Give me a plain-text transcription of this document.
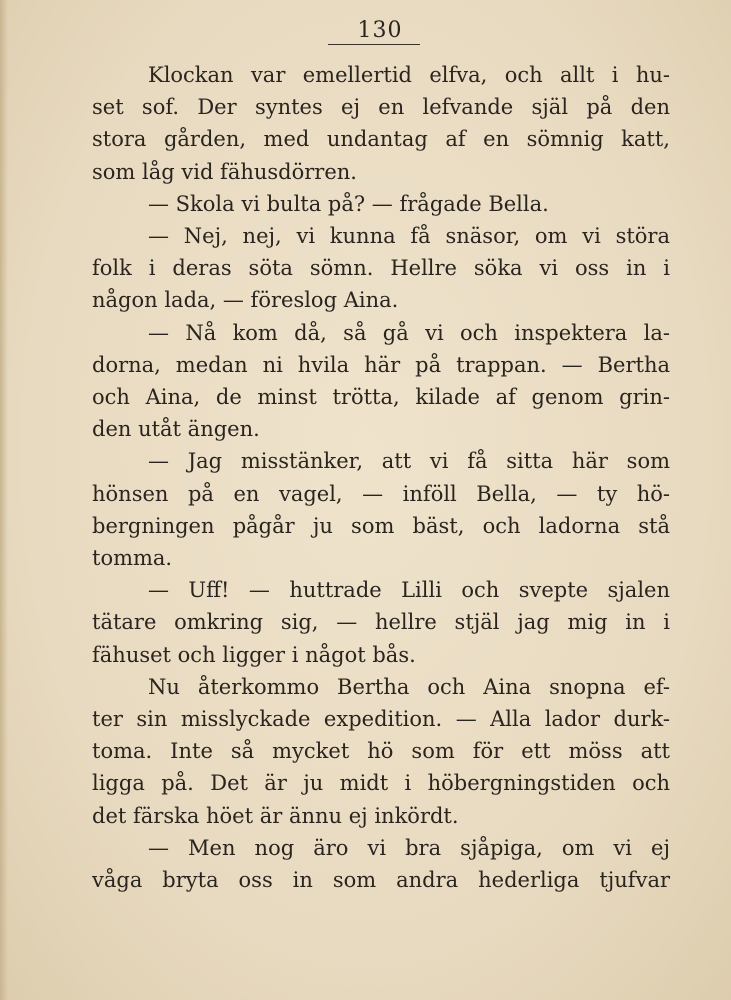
130
Klockan var emellertid elfva, och allt i hu-
set sof. Der syntes ej en lefvande själ på den
stora gården, med undantag af en sömnig katt,
som låg vid fähusdörren.
— Skola vi bulta på? — frågade Bella.
— Nej, nej, vi kunna få snäsor, om vi störa
folk i deras söta sömn. Hellre söka vi oss in i
någon lada, — föreslog Aina.
— Nå kom då, så gå vi och inspektera la-
dorna, medan ni hvila här på trappan. — Bertha
och Aina, de minst trötta, kilade af genom grin-
den utåt ängen.
— Jag misstänker, att vi få sitta här som
hönsen på en vagel, — inföll Bella, — ty hö-
bergningen pågår ju som bäst, och ladorna stå
tomma.
— Uff! — huttrade Lilli och svepte sjalen
tätare omkring sig, — hellre stjäl jag mig in i
fähuset och ligger i något bås.
Nu återkommo Bertha och Aina snopna ef-
ter sin misslyckade expedition. — Alla lador durk-
toma. Inte så mycket hö som för ett möss att
ligga på. Det är ju midt i höbergningstiden och
det färska höet är ännu ej inkördt.
— Men nog äro vi bra sjåpiga, om vi ej
våga bryta oss in som andra hederliga tjufvar
